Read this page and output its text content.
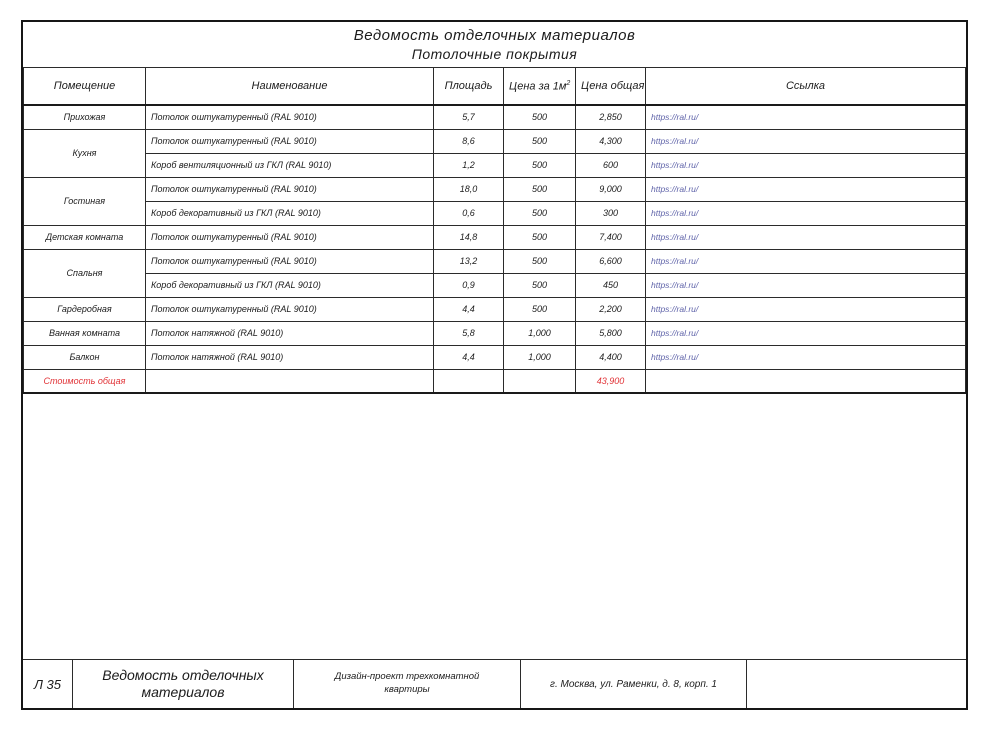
Ведомость отделочных материалов
Потолочные покрытия
Помещение	Наименование	Площадь	Цена за $1м^2$	Цена общая	Ссылка
Прихожая	Потолок оштукатуренный (RAL 9010)	5,7	500	2,850	https://ral.ru/
Кухня	Потолок оштукатуренный (RAL 9010)	8,6	500	4,300	https://ral.ru/
	Короб вентиляционный из ГКЛ (RAL 9010)	1,2	500	600	https://ral.ru/
Гостиная	Потолок оштукатуренный (RAL 9010)	18,0	500	9,000	https://ral.ru/
	Короб декоративный из ГКЛ (RAL 9010)	0,6	500	300	https://ral.ru/
Детская комната	Потолок оштукатуренный (RAL 9010)	14,8	500	7,400	https://ral.ru/
Спальня	Потолок оштукатуренный (RAL 9010)	13,2	500	6,600	https://ral.ru/
	Короб декоративный из ГКЛ (RAL 9010)	0,9	500	450	https://ral.ru/
Гардеробная	Потолок оштукатуренный (RAL 9010)	4,4	500	2,200	https://ral.ru/
Ванная комната	Потолок натяжной (RAL 9010)	5,8	1,000	5,800	https://ral.ru/
Балкон	Потолок натяжной (RAL 9010)	4,4	1,000	4,400	https://ral.ru/
Стоимость общая				43,900	
Л 35
Ведомость отделочных материалов
Дизайн-проект трехкомнатной квартиры	г. Москва, ул. Раменки, д. 8, корп. 1
